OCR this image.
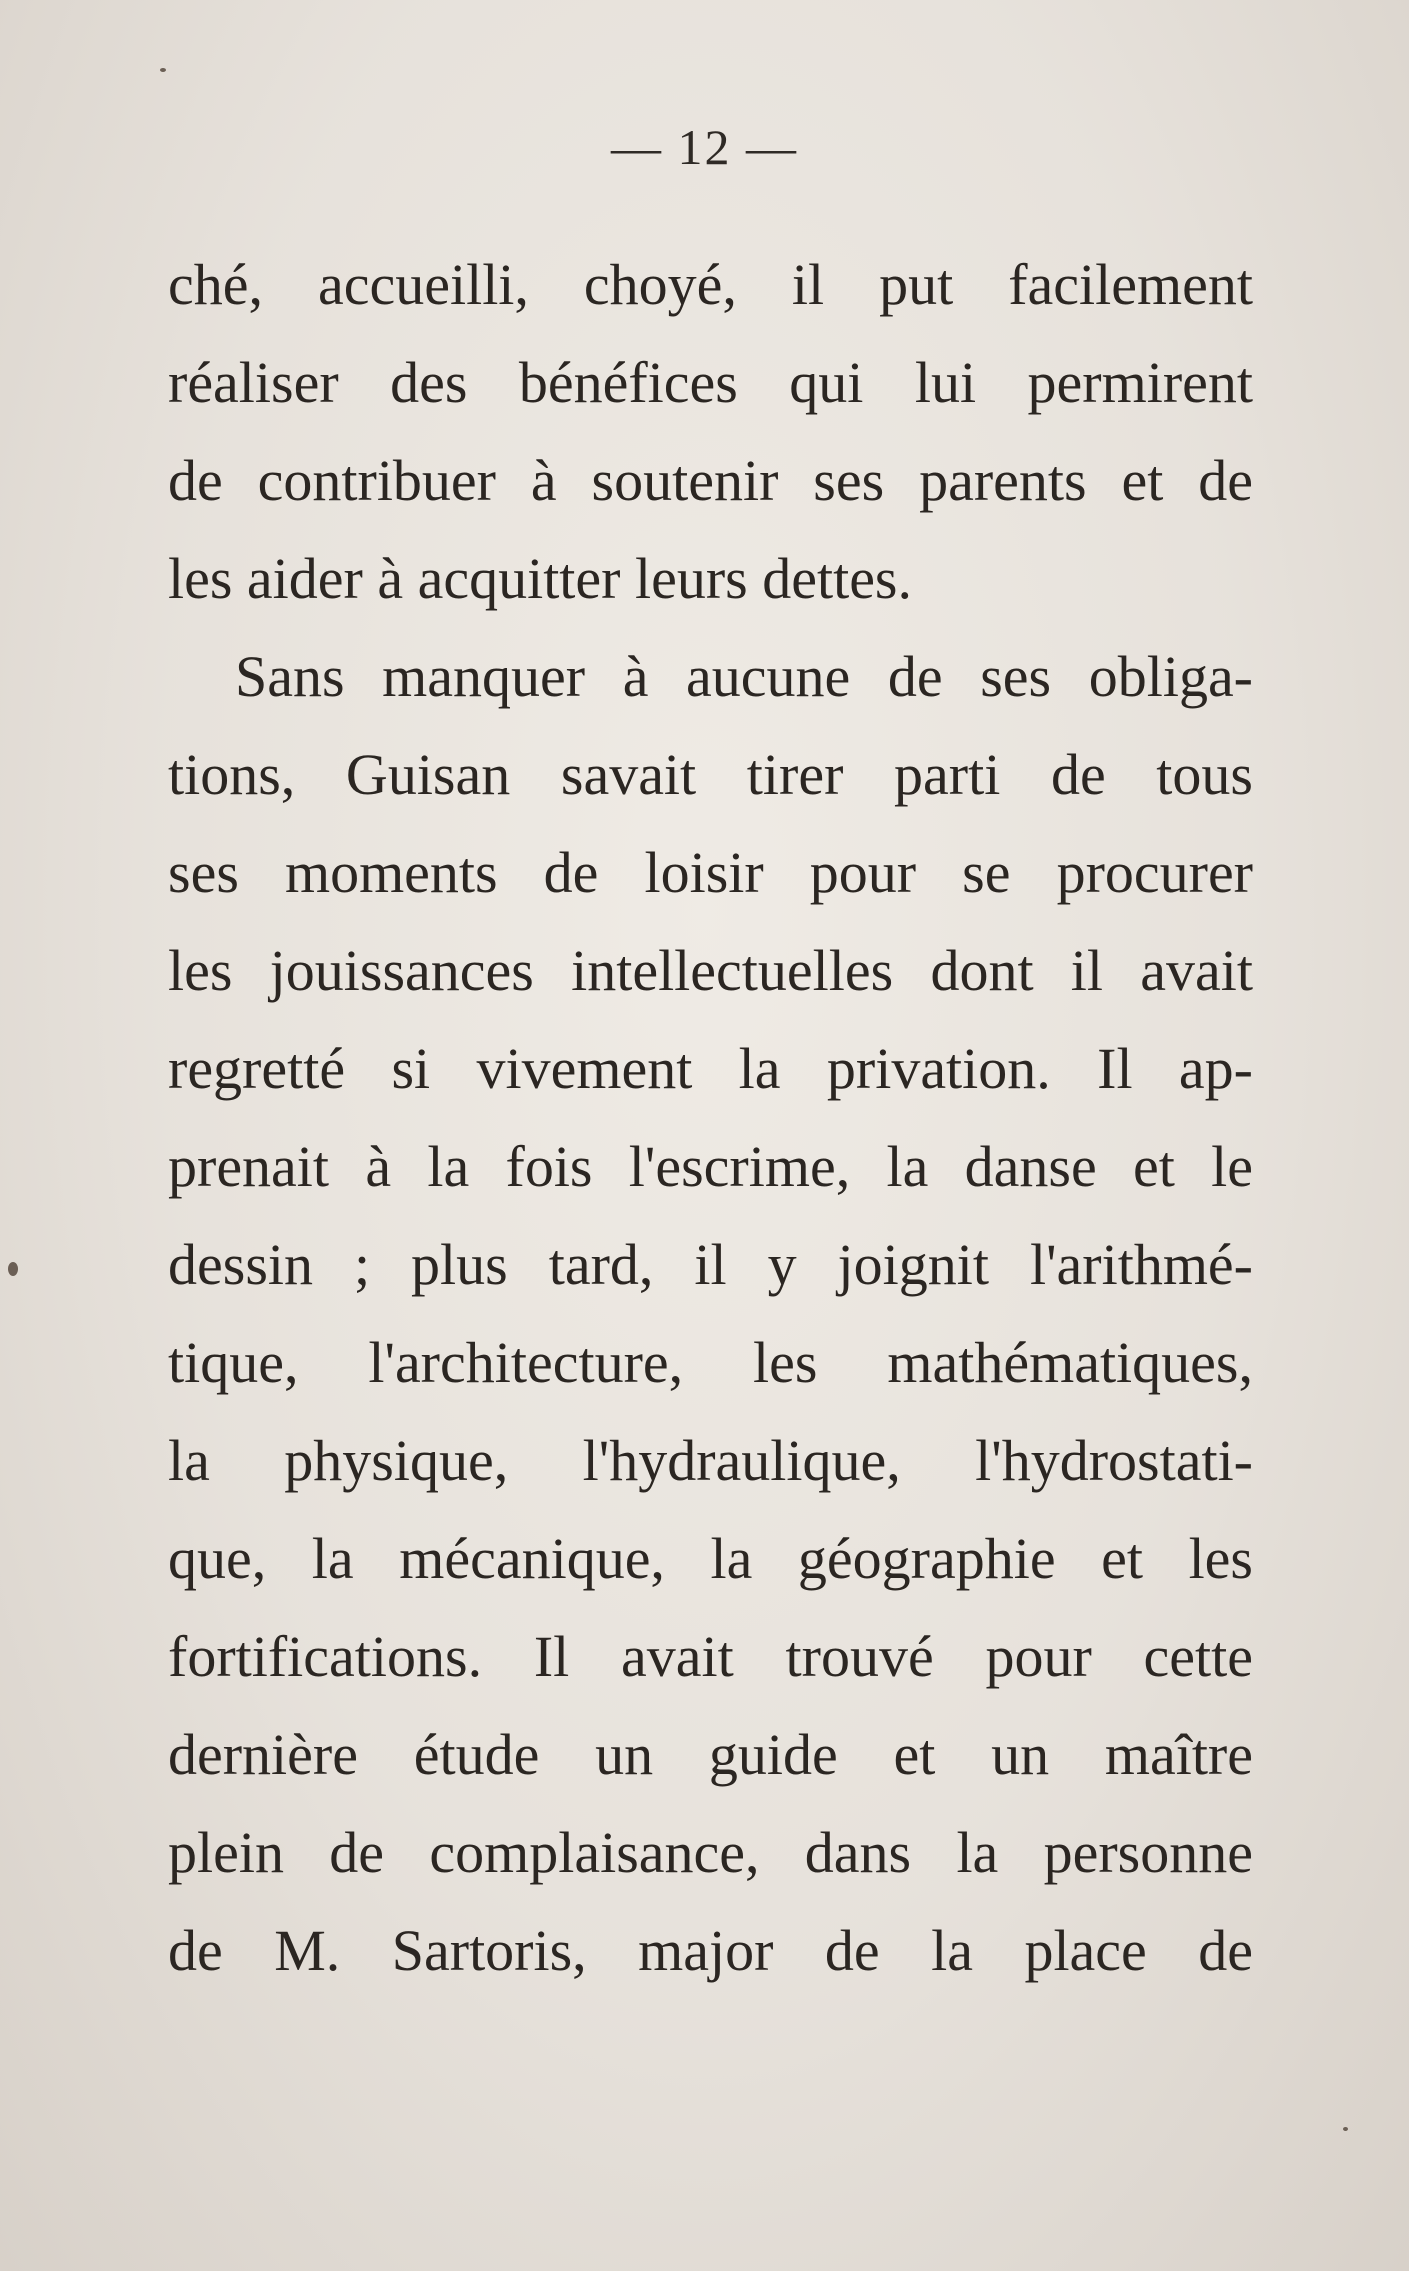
— 12 —
ché, accueilli, choyé, il put facilement
réaliser des bénéfices qui lui permirent
de contribuer à soutenir ses parents et de
les aider à acquitter leurs dettes.
Sans manquer à aucune de ses obliga-
tions, Guisan savait tirer parti de tous
ses moments de loisir pour se procurer
les jouissances intellectuelles dont il avait
regretté si vivement la privation. Il ap-
prenait à la fois l'escrime, la danse et le
dessin ; plus tard, il y joignit l'arithmé-
tique, l'architecture, les mathématiques,
la physique, l'hydraulique, l'hydrostati-
que, la mécanique, la géographie et les
fortifications. Il avait trouvé pour cette
dernière étude un guide et un maître
plein de complaisance, dans la personne
de M. Sartoris, major de la place de
